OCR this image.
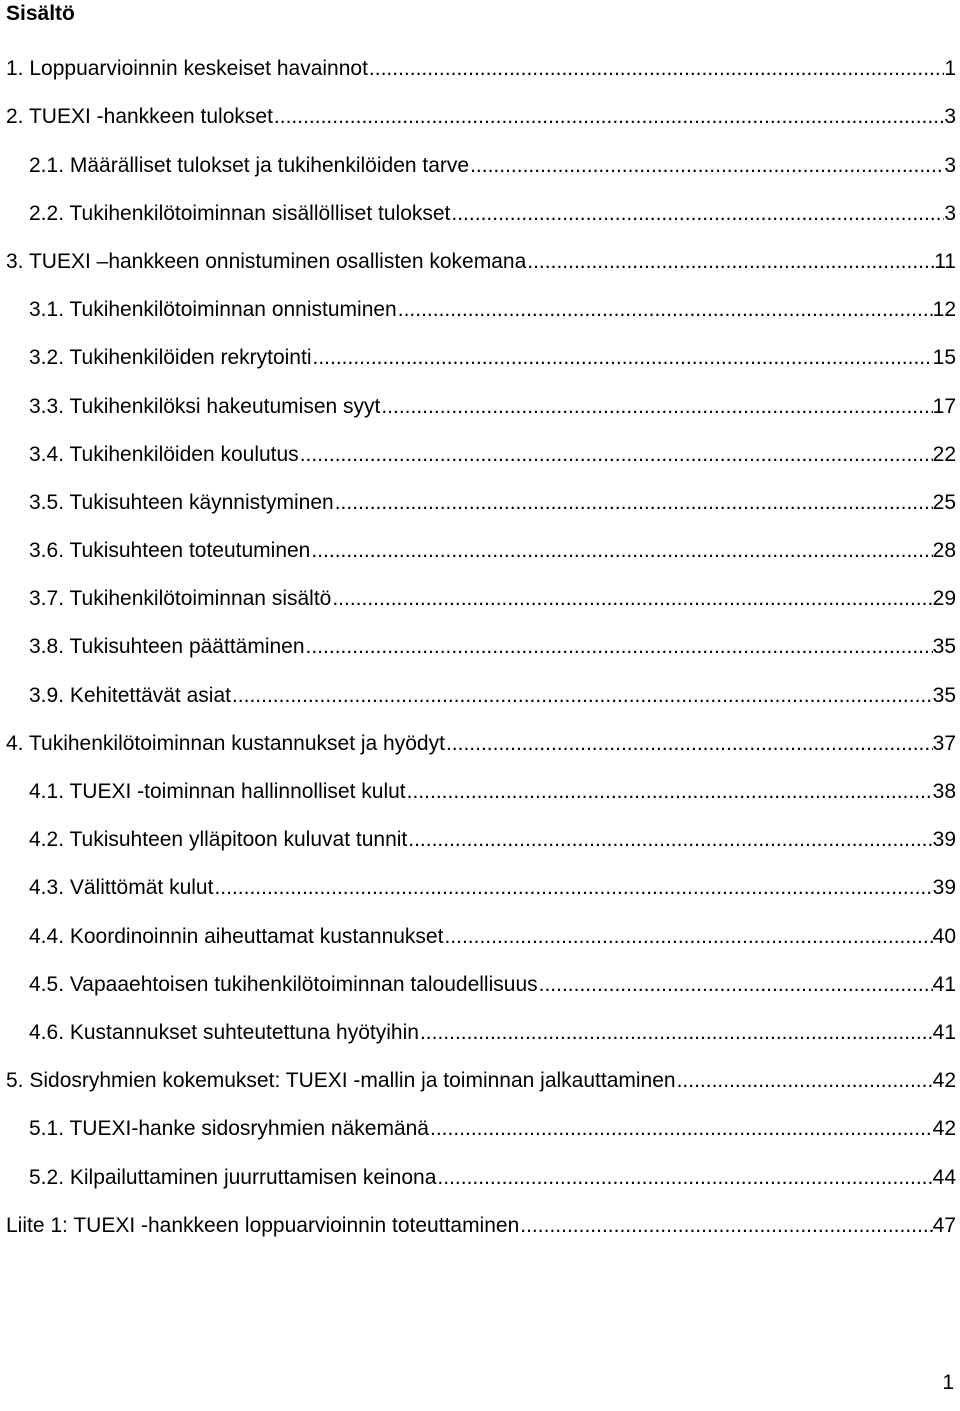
Sisältö
1. Loppuarvioinnin keskeiset havainnot .....	1
2. TUEXI -hankkeen tulokset .....	3
2.1. Määrälliset tulokset ja tukihenkilöiden tarve .....	3
2.2. Tukihenkilötoiminnan sisällölliset tulokset .....	3
3. TUEXI –hankkeen onnistuminen osallisten kokemana .....	11
3.1. Tukihenkilötoiminnan onnistuminen .....	12
3.2. Tukihenkilöiden rekrytointi .....	15
3.3. Tukihenkilöksi hakeutumisen syyt .....	17
3.4. Tukihenkilöiden koulutus .....	22
3.5. Tukisuhteen käynnistyminen .....	25
3.6. Tukisuhteen toteutuminen .....	28
3.7. Tukihenkilötoiminnan sisältö .....	29
3.8. Tukisuhteen päättäminen .....	35
3.9. Kehitettävät asiat .....	35
4. Tukihenkilötoiminnan kustannukset ja hyödyt .....	37
4.1. TUEXI -toiminnan hallinnolliset kulut .....	38
4.2. Tukisuhteen ylläpitoon kuluvat tunnit .....	39
4.3. Välittömät kulut .....	39
4.4. Koordinoinnin aiheuttamat kustannukset .....	40
4.5. Vapaaehtoisen tukihenkilötoiminnan taloudellisuus .....	41
4.6. Kustannukset suhteutettuna hyötyihin .....	41
5. Sidosryhmien kokemukset: TUEXI -mallin ja toiminnan jalkauttaminen .....	42
5.1. TUEXI-hanke sidosryhmien näkemänä .....	42
5.2. Kilpailuttaminen juurruttamisen keinona .....	44
Liite 1: TUEXI -hankkeen loppuarvioinnin toteuttaminen .....	47
1
